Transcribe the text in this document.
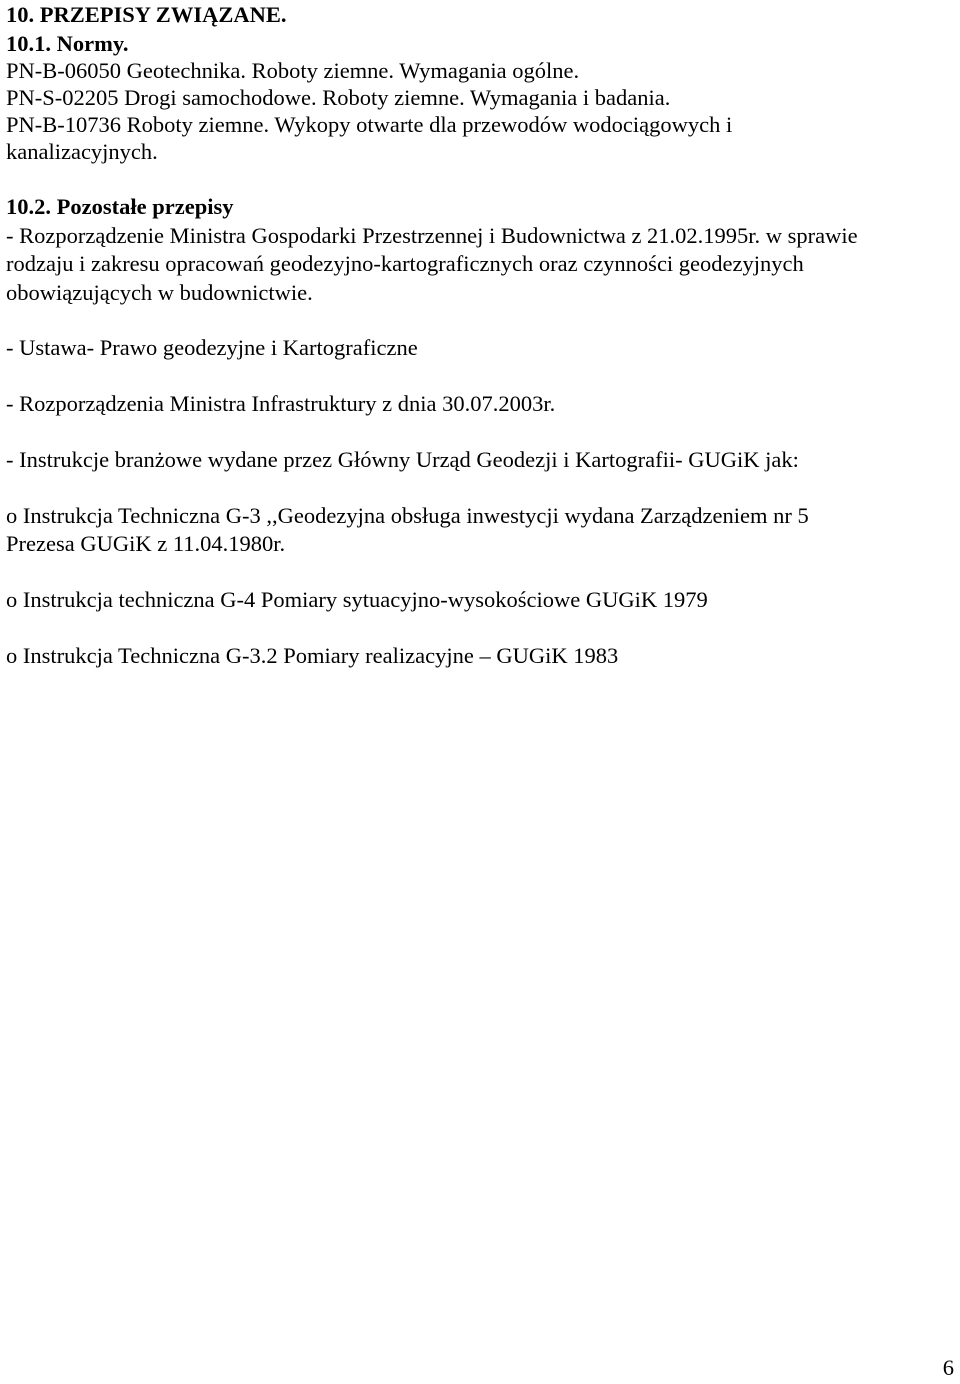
10. PRZEPISY ZWIĄZANE.
10.1. Normy.
PN-B-06050 Geotechnika. Roboty ziemne. Wymagania ogólne.
PN-S-02205 Drogi samochodowe. Roboty ziemne. Wymagania i badania.
PN-B-10736 Roboty ziemne. Wykopy otwarte dla przewodów wodociągowych i
kanalizacyjnych.
10.2. Pozostałe przepisy
- Rozporządzenie Ministra Gospodarki Przestrzennej i Budownictwa z 21.02.1995r. w sprawie
rodzaju i zakresu opracowań geodezyjno-kartograficznych oraz czynności geodezyjnych
obowiązujących w budownictwie.
- Ustawa- Prawo geodezyjne i Kartograficzne
- Rozporządzenia Ministra Infrastruktury z dnia 30.07.2003r.
- Instrukcje branżowe wydane przez Główny Urząd Geodezji i Kartografii- GUGiK jak:
o Instrukcja Techniczna G-3 ,,Geodezyjna obsługa inwestycji wydana Zarządzeniem nr 5
Prezesa GUGiK z 11.04.1980r.
o Instrukcja techniczna G-4 Pomiary sytuacyjno-wysokościowe GUGiK 1979
o Instrukcja Techniczna G-3.2 Pomiary realizacyjne – GUGiK 1983
6
